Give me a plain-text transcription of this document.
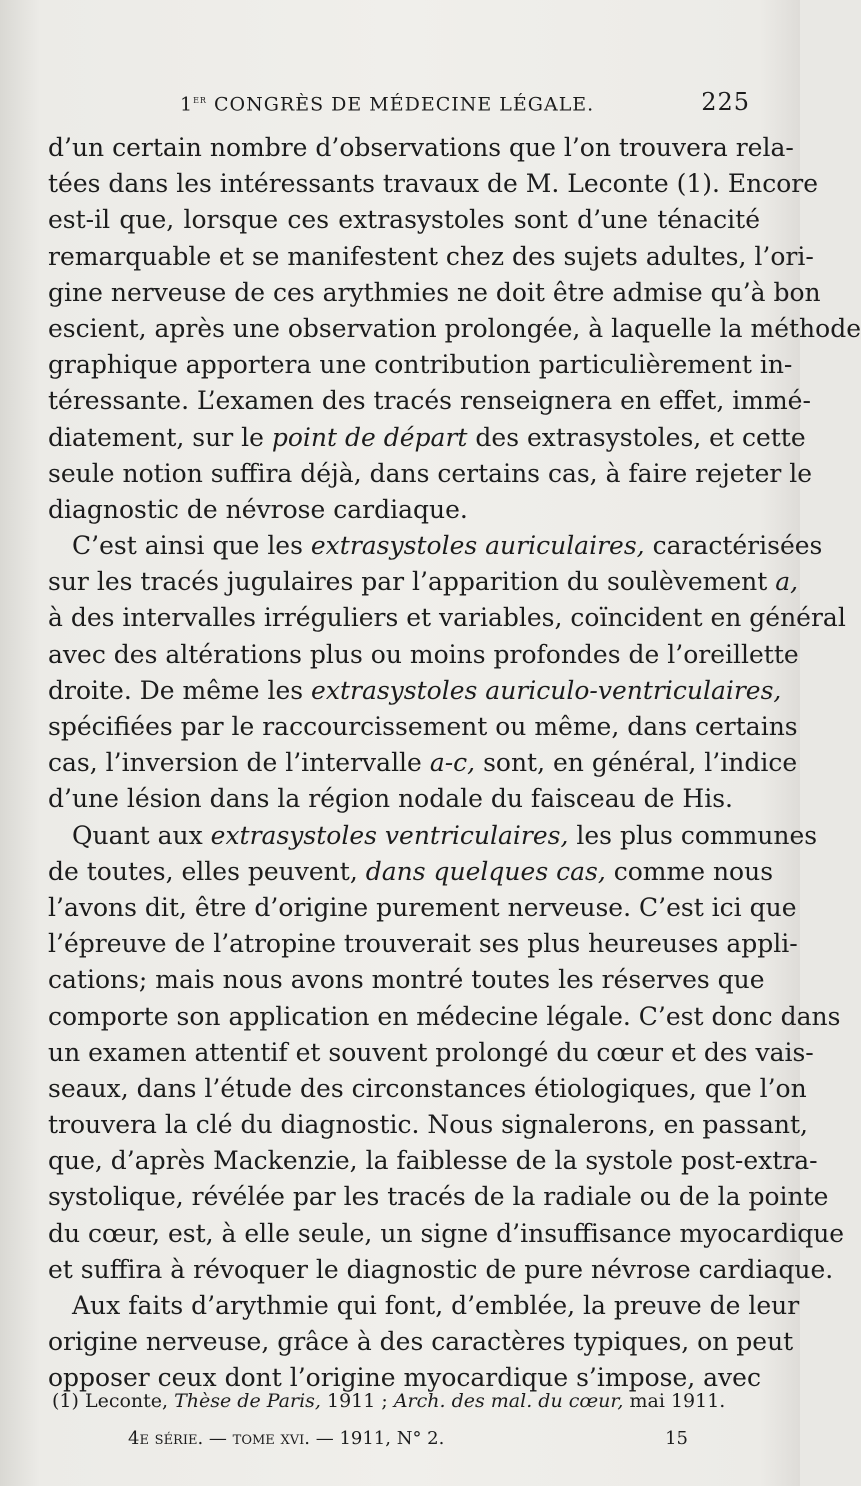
1er CONGRÈS DE MÉDECINE LÉGALE.	225
d’un certain nombre d’observations que l’on trouvera rela-
tées dans les intéressants travaux de M. Leconte (1). Encore
est-il que, lorsque ces extrasystoles sont d’une ténacité
remarquable et se manifestent chez des sujets adultes, l’ori-
gine nerveuse de ces arythmies ne doit être admise qu’à bon
escient, après une observation prolongée, à laquelle la méthode
graphique apportera une contribution particulièrement in-
téressante. L’examen des tracés renseignera en effet, immé-
diatement, sur le point de départ des extrasystoles, et cette
seule notion suffira déjà, dans certains cas, à faire rejeter le
diagnostic de névrose cardiaque.
C’est ainsi que les extrasystoles auriculaires, caractérisées
sur les tracés jugulaires par l’apparition du soulèvement a,
à des intervalles irréguliers et variables, coïncident en général
avec des altérations plus ou moins profondes de l’oreillette
droite. De même les extrasystoles auriculo-ventriculaires,
spécifiées par le raccourcissement ou même, dans certains
cas, l’inversion de l’intervalle a-c, sont, en général, l’indice
d’une lésion dans la région nodale du faisceau de His.
Quant aux extrasystoles ventriculaires, les plus communes
de toutes, elles peuvent, dans quelques cas, comme nous
l’avons dit, être d’origine purement nerveuse. C’est ici que
l’épreuve de l’atropine trouverait ses plus heureuses appli-
cations; mais nous avons montré toutes les réserves que
comporte son application en médecine légale. C’est donc dans
un examen attentif et souvent prolongé du cœur et des vais-
seaux, dans l’étude des circonstances étiologiques, que l’on
trouvera la clé du diagnostic. Nous signalerons, en passant,
que, d’après Mackenzie, la faiblesse de la systole post-extra-
systolique, révélée par les tracés de la radiale ou de la pointe
du cœur, est, à elle seule, un signe d’insuffisance myocardique
et suffira à révoquer le diagnostic de pure névrose cardiaque.
Aux faits d’arythmie qui font, d’emblée, la preuve de leur
origine nerveuse, grâce à des caractères typiques, on peut
opposer ceux dont l’origine myocardique s’impose, avec
(1) Leconte, Thèse de Paris, 1911 ; Arch. des mal. du cœur, mai 1911.
4e série. — tome xvi. — 1911, N° 2.	15
